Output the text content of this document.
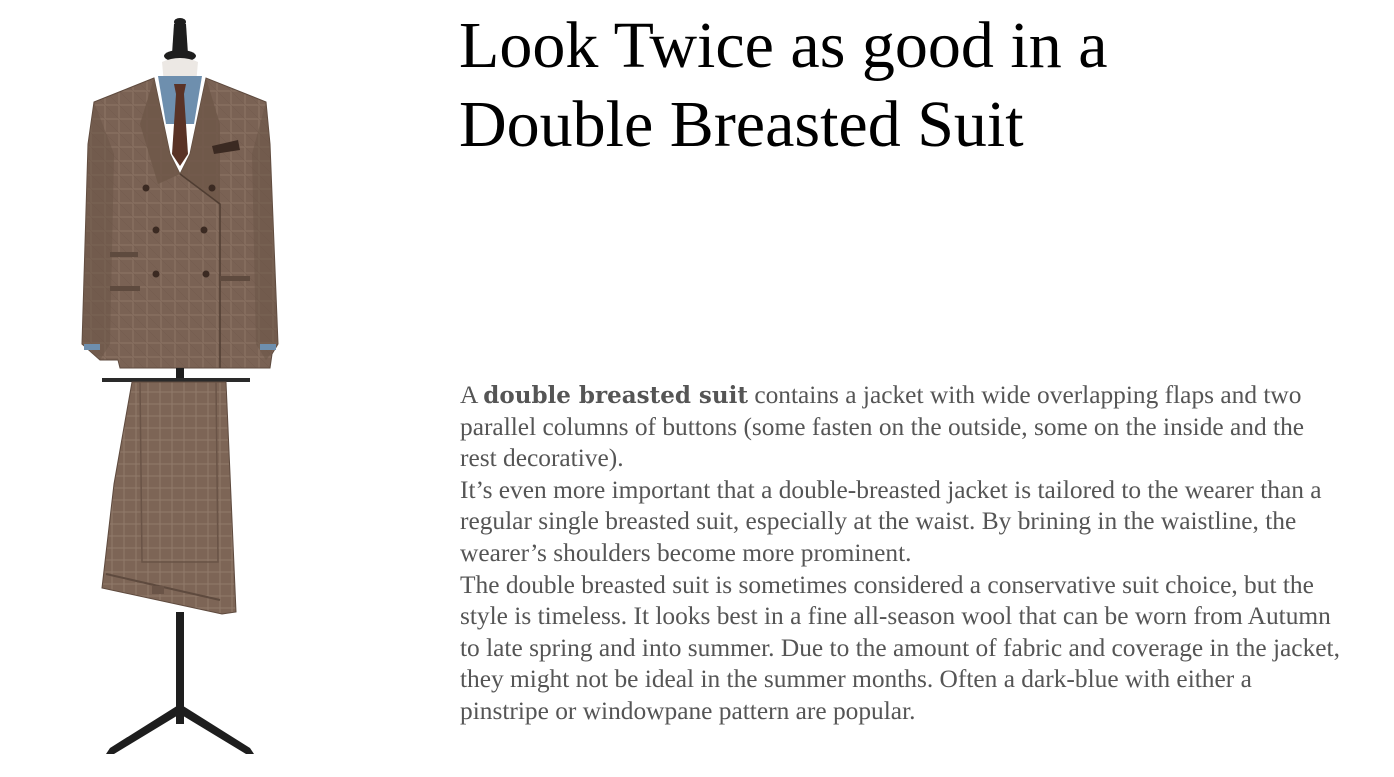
Look Twice as good in a
Double Breasted Suit

A double breasted suit contains a jacket with wide overlapping flaps and two parallel columns of buttons (some fasten on the outside, some on the inside and the rest decorative).

It’s even more important that a double-breasted jacket is tailored to the wearer than a regular single breasted suit, especially at the waist. By brining in the waistline, the wearer’s shoulders become more prominent.

The double breasted suit is sometimes considered a conservative suit choice, but the style is timeless. It looks best in a fine all-season wool that can be worn from Autumn to late spring and into summer. Due to the amount of fabric and coverage in the jacket, they might not be ideal in the summer months. Often a dark-blue with either a pinstripe or windowpane pattern are popular.
